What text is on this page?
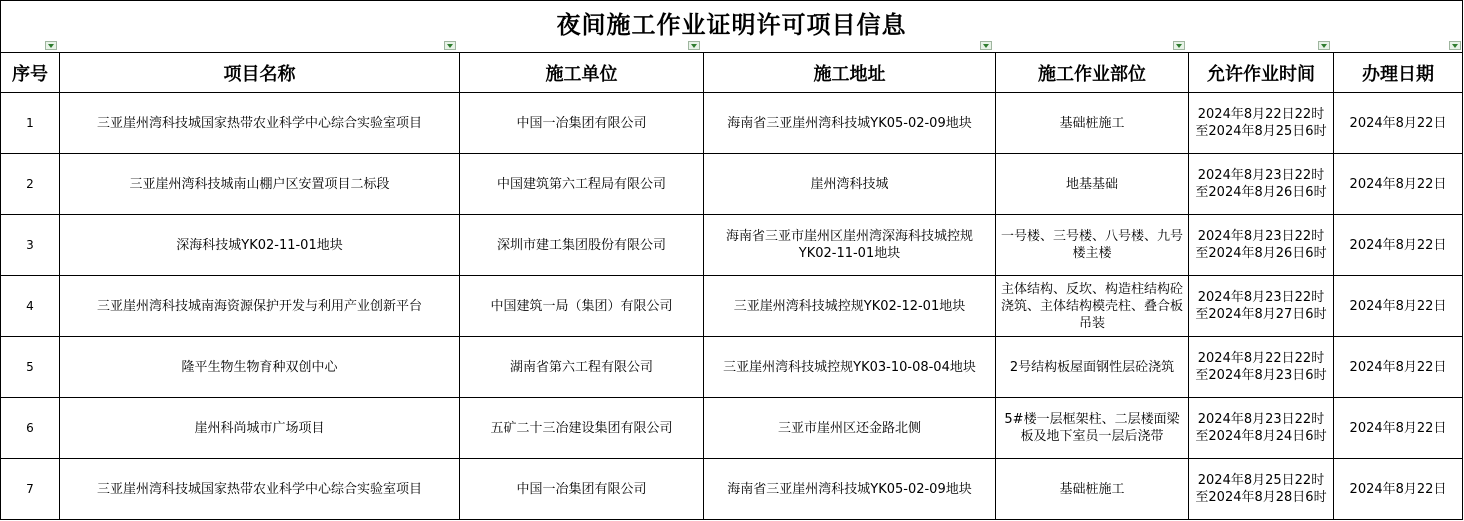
夜间施工作业证明许可项目信息						

序号	项目名称	施工单位	施工地址	施工作业部位	允许作业时间	办理日期

1	三亚崖州湾科技城国家热带农业科学中心综合实验室项目	中国一冶集团有限公司	海南省三亚崖州湾科技城YK05-02-09地块	基础桩施工	2024年8月22日22时
至2024年8月25日6时	2024年8月22日

2	三亚崖州湾科技城南山棚户区安置项目二标段	中国建筑第六工程局有限公司	崖州湾科技城	地基基础	2024年8月23日22时
至2024年8月26日6时	2024年8月22日

3	深海科技城YK02-11-01地块	深圳市建工集团股份有限公司	海南省三亚市崖州区崖州湾深海科技城控规YK02-11-01地块	一号楼、三号楼、八号楼、九号楼主楼	2024年8月23日22时
至2024年8月26日6时	2024年8月22日

4	三亚崖州湾科技城南海资源保护开发与利用产业创新平台	中国建筑一局（集团）有限公司	三亚崖州湾科技城控规YK02-12-01地块	主体结构、反坎、构造柱结构砼浇筑、主体结构模壳柱、叠合板吊装	2024年8月23日22时
至2024年8月27日6时	2024年8月22日

5	隆平生物生物育种双创中心	湖南省第六工程有限公司	三亚崖州湾科技城控规YK03-10-08-04地块	2号结构板屋面钢性层砼浇筑	2024年8月22日22时
至2024年8月23日6时	2024年8月22日

6	崖州科尚城市广场项目	五矿二十三冶建设集团有限公司	三亚市崖州区还金路北侧	5#楼一层框架柱、二层楼面梁板及地下室员一层后浇带	2024年8月23日22时
至2024年8月24日6时	2024年8月22日

7	三亚崖州湾科技城国家热带农业科学中心综合实验室项目	中国一冶集团有限公司	海南省三亚崖州湾科技城YK05-02-09地块	基础桩施工	2024年8月25日22时
至2024年8月28日6时	2024年8月22日
